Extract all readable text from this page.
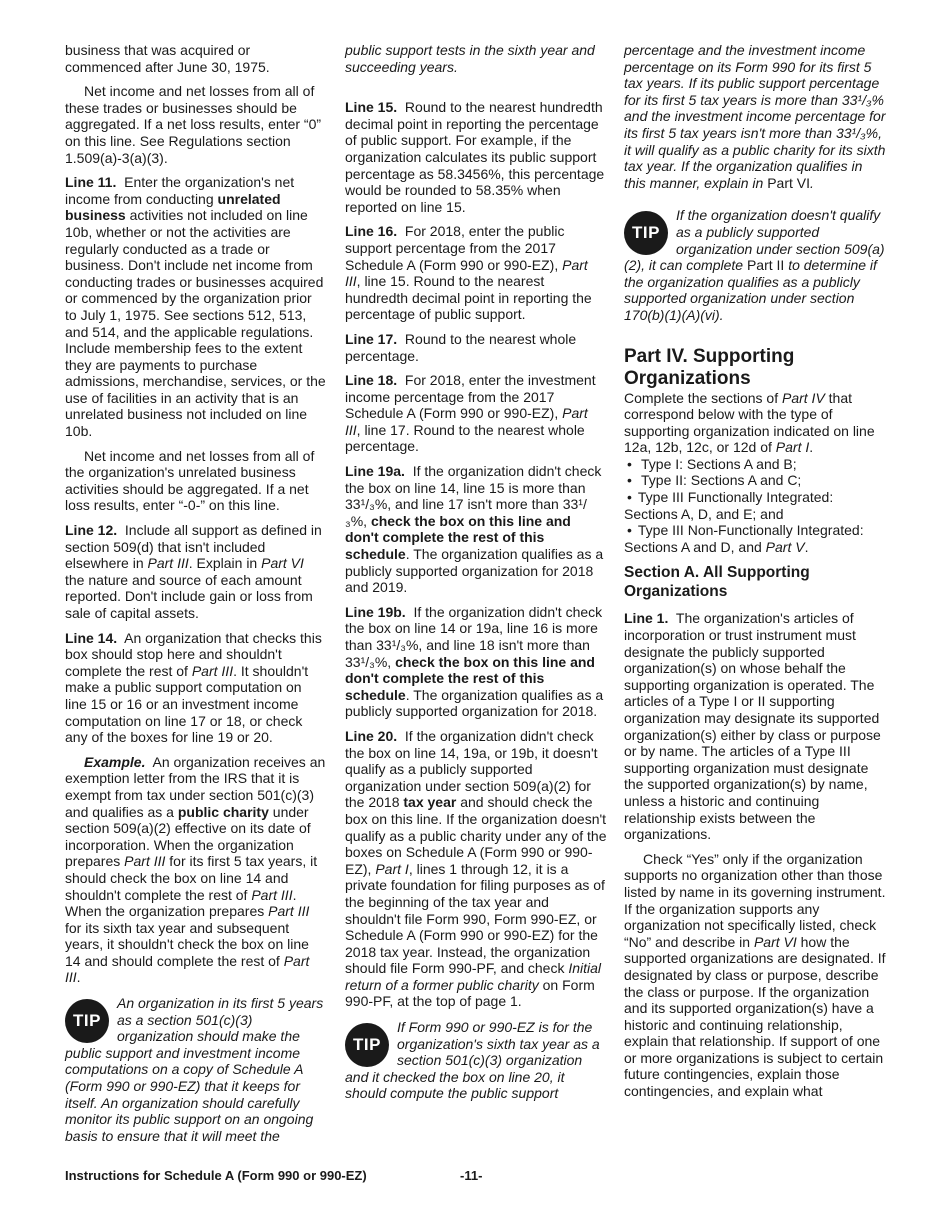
business that was acquired or commenced after June 30, 1975.

Net income and net losses from all of these trades or businesses should be aggregated. If a net loss results, enter “0” on this line. See Regulations section 1.509(a)-3(a)(3).

Line 11. Enter the organization's net income from conducting unrelated business activities not included on line 10b, whether or not the activities are regularly conducted as a trade or business. Don't include net income from conducting trades or businesses acquired or commenced by the organization prior to July 1, 1975. See sections 512, 513, and 514, and the applicable regulations. Include membership fees to the extent they are payments to purchase admissions, merchandise, services, or the use of facilities in an activity that is an unrelated business not included on line 10b.

Net income and net losses from all of the organization's unrelated business activities should be aggregated. If a net loss results, enter “-0-” on this line.

Line 12. Include all support as defined in section 509(d) that isn't included elsewhere in Part III. Explain in Part VI the nature and source of each amount reported. Don't include gain or loss from sale of capital assets.

Line 14. An organization that checks this box should stop here and shouldn't complete the rest of Part III. It shouldn't make a public support computation on line 15 or 16 or an investment income computation on line 17 or 18, or check any of the boxes for line 19 or 20.

Example. An organization receives an exemption letter from the IRS that it is exempt from tax under section 501(c)(3) and qualifies as a public charity under section 509(a)(2) effective on its date of incorporation. When the organization prepares Part III for its first 5 tax years, it should check the box on line 14 and shouldn't complete the rest of Part III. When the organization prepares Part III for its sixth tax year and subsequent years, it shouldn't check the box on line 14 and should complete the rest of Part III.

TIP
An organization in its first 5 years as a section 501(c)(3) organization should make the public support and investment income computations on a copy of Schedule A (Form 990 or 990-EZ) that it keeps for itself. An organization should carefully monitor its public support on an ongoing basis to ensure that it will meet the

public support tests in the sixth year and succeeding years.

Line 15. Round to the nearest hundredth decimal point in reporting the percentage of public support. For example, if the organization calculates its public support percentage as 58.3456%, this percentage would be rounded to 58.35% when reported on line 15.

Line 16. For 2018, enter the public support percentage from the 2017 Schedule A (Form 990 or 990-EZ), Part III, line 15. Round to the nearest hundredth decimal point in reporting the percentage of public support.

Line 17. Round to the nearest whole percentage.

Line 18. For 2018, enter the investment income percentage from the 2017 Schedule A (Form 990 or 990-EZ), Part III, line 17. Round to the nearest whole percentage.

Line 19a. If the organization didn't check the box on line 14, line 15 is more than 33¹/₃%, and line 17 isn't more than 33¹/₃%, check the box on this line and don't complete the rest of this schedule. The organization qualifies as a publicly supported organization for 2018 and 2019.

Line 19b. If the organization didn't check the box on line 14 or 19a, line 16 is more than 33¹/₃%, and line 18 isn't more than 33¹/₃%, check the box on this line and don't complete the rest of this schedule. The organization qualifies as a publicly supported organization for 2018.

Line 20. If the organization didn't check the box on line 14, 19a, or 19b, it doesn't qualify as a publicly supported organization under section 509(a)(2) for the 2018 tax year and should check the box on this line. If the organization doesn't qualify as a public charity under any of the boxes on Schedule A (Form 990 or 990-EZ), Part I, lines 1 through 12, it is a private foundation for filing purposes as of the beginning of the tax year and shouldn't file Form 990, Form 990-EZ, or Schedule A (Form 990 or 990-EZ) for the 2018 tax year. Instead, the organization should file Form 990-PF, and check Initial return of a former public charity on Form 990-PF, at the top of page 1.

TIP
If Form 990 or 990-EZ is for the organization's sixth tax year as a section 501(c)(3) organization and it checked the box on line 20, it should compute the public support

percentage and the investment income percentage on its Form 990 for its first 5 tax years. If its public support percentage for its first 5 tax years is more than 33¹/₃% and the investment income percentage for its first 5 tax years isn't more than 33¹/₃%, it will qualify as a public charity for its sixth tax year. If the organization qualifies in this manner, explain in Part VI.

TIP
If the organization doesn't qualify as a publicly supported organization under section 509(a)(2), it can complete Part II to determine if the organization qualifies as a publicly supported organization under section 170(b)(1)(A)(vi).
Part IV. Supporting Organizations

Complete the sections of Part IV that correspond below with the type of supporting organization indicated on line 12a, 12b, 12c, or 12d of Part I.

• Type I: Sections A and B;
• Type II: Sections A and C;
• Type III Functionally Integrated: Sections A, D, and E; and
• Type III Non-Functionally Integrated: Sections A and D, and Part V.
Section A. All Supporting Organizations

Line 1. The organization's articles of incorporation or trust instrument must designate the publicly supported organization(s) on whose behalf the supporting organization is operated. The articles of a Type I or II supporting organization may designate its supported organization(s) either by class or purpose or by name. The articles of a Type III supporting organization must designate the supported organization(s) by name, unless a historic and continuing relationship exists between the organizations.

Check “Yes” only if the organization supports no organization other than those listed by name in its governing instrument. If the organization supports any organization not specifically listed, check “No” and describe in Part VI how the supported organizations are designated. If designated by class or purpose, describe the class or purpose. If the organization and its supported organization(s) have a historic and continuing relationship, explain that relationship. If support of one or more organizations is subject to certain future contingencies, explain those contingencies, and explain what

Instructions for Schedule A (Form 990 or 990-EZ)	-11-
